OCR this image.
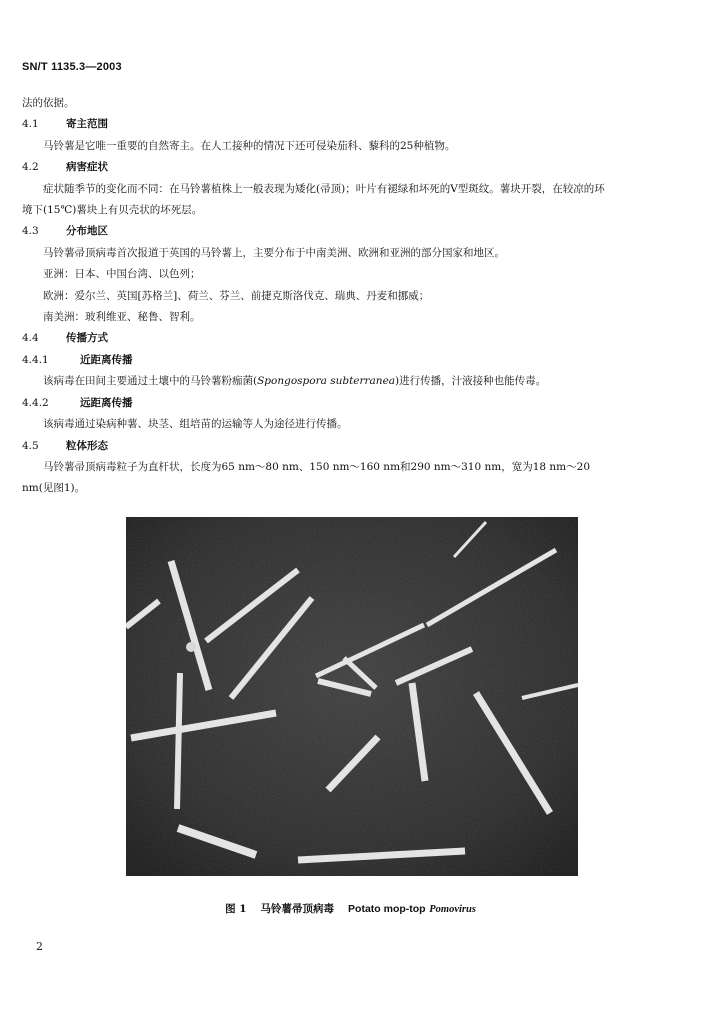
SN/T 1135.3—2003

法的依据。

4.1	寄主范围

马铃薯是它唯一重要的自然寄主。在人工接种的情况下还可侵染茄科、藜科的25种植物。

4.2	病害症状

症状随季节的变化而不同：在马铃薯植株上一般表现为矮化(帚顶)；叶片有褪绿和坏死的V型斑纹。薯块开裂，在较凉的环境下(15℃)薯块上有贝壳状的坏死层。

4.3	分布地区

马铃薯帚顶病毒首次报道于英国的马铃薯上，主要分布于中南美洲、欧洲和亚洲的部分国家和地区。

亚洲：日本、中国台湾、以色列；

欧洲：爱尔兰、英国[苏格兰]、荷兰、芬兰、前捷克斯洛伐克、瑞典、丹麦和挪威；

南美洲：玻利维亚、秘鲁、智利。

4.4	传播方式

4.4.1	近距离传播

该病毒在田间主要通过土壤中的马铃薯粉痂菌(Spongospora subterranea)进行传播，汁液接种也能传毒。

4.4.2	远距离传播

该病毒通过染病种薯、块茎、组培苗的运输等人为途径进行传播。

4.5	粒体形态

马铃薯帚顶病毒粒子为直杆状，长度为65 nm～80 nm、150 nm～160 nm和290 nm～310 nm，宽为18 nm～20 nm(见图1)。

图 1 马铃薯帚顶病毒 Potato mop-top Pomovirus
2
